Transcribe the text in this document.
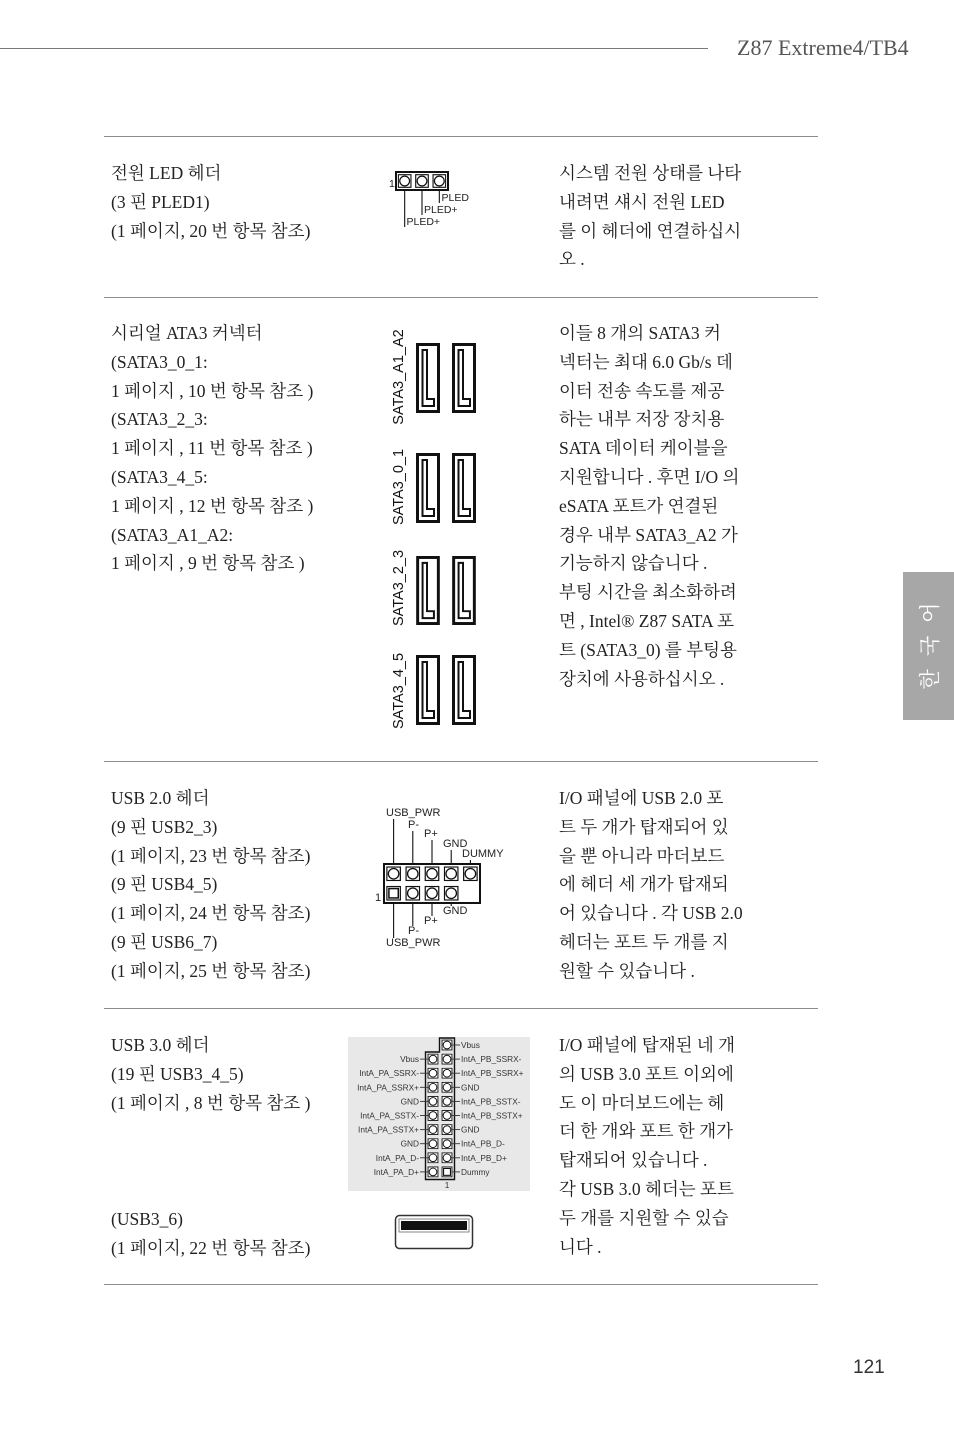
Z87 Extreme4/TB4
전원 LED 헤더
(3 핀 PLED1)
(1 페이지, 20 번 항목 참조)
시스템 전원 상태를 나타
내려면 섀시 전원 LED
를 이 헤더에 연결하십시
오 .
1
PLED
PLED+
PLED+
시리얼 ATA3 커넥터
(SATA3_0_1:
1 페이지 , 10 번 항목 참조 )
(SATA3_2_3:
1 페이지 , 11 번 항목 참조 )
(SATA3_4_5:
1 페이지 , 12 번 항목 참조 )
(SATA3_A1_A2:
1 페이지 , 9 번 항목 참조 )
이들 8 개의 SATA3 커
넥터는 최대 6.0 Gb/s 데
이터 전송 속도를 제공
하는 내부 저장 장치용
SATA 데이터 케이블을
지원합니다 . 후면 I/O 의
eSATA 포트가 연결된
경우 내부 SATA3_A2 가
기능하지 않습니다 .
부팅 시간을 최소화하려
면 , Intel® Z87 SATA 포
트 (SATA3_0) 를 부팅용
장치에 사용하십시오 .
SATA3_A1_A2
SATA3_0_1
SATA3_2_3
SATA3_4_5
USB 2.0 헤더
(9 핀 USB2_3)
(1 페이지, 23 번 항목 참조)
(9 핀 USB4_5)
(1 페이지, 24 번 항목 참조)
(9 핀 USB6_7)
(1 페이지, 25 번 항목 참조)
I/O 패널에 USB 2.0 포
트 두 개가 탑재되어 있
을 뿐 아니라 마더보드
에 헤더 세 개가 탑재되
어 있습니다 . 각 USB 2.0
헤더는 포트 두 개를 지
원할 수 있습니다 .
USB_PWR
P-
P+
GND
DUMMY
GND
P+
P-
USB_PWR
1
USB 3.0 헤더
(19 핀 USB3_4_5)
(1 페이지 , 8 번 항목 참조 )
(USB3_6)
(1 페이지, 22 번 항목 참조)
I/O 패널에 탑재된 네 개
의 USB 3.0 포트 이외에
도 이 마더보드에는 헤
더 한 개와 포트 한 개가
탑재되어 있습니다 .
각 USB 3.0 헤더는 포트
두 개를 지원할 수 있습
니다 .
1
Vbus
IntA_PB_SSRX-
IntA_PB_SSRX+
GND
IntA_PB_SSTX-
IntA_PB_SSTX+
GND
IntA_PB_D-
IntA_PB_D+
Dummy
Vbus
IntA_PA_SSRX-
IntA_PA_SSRX+
GND
IntA_PA_SSTX-
IntA_PA_SSTX+
GND
IntA_PA_D-
IntA_PA_D+
한국어
121
